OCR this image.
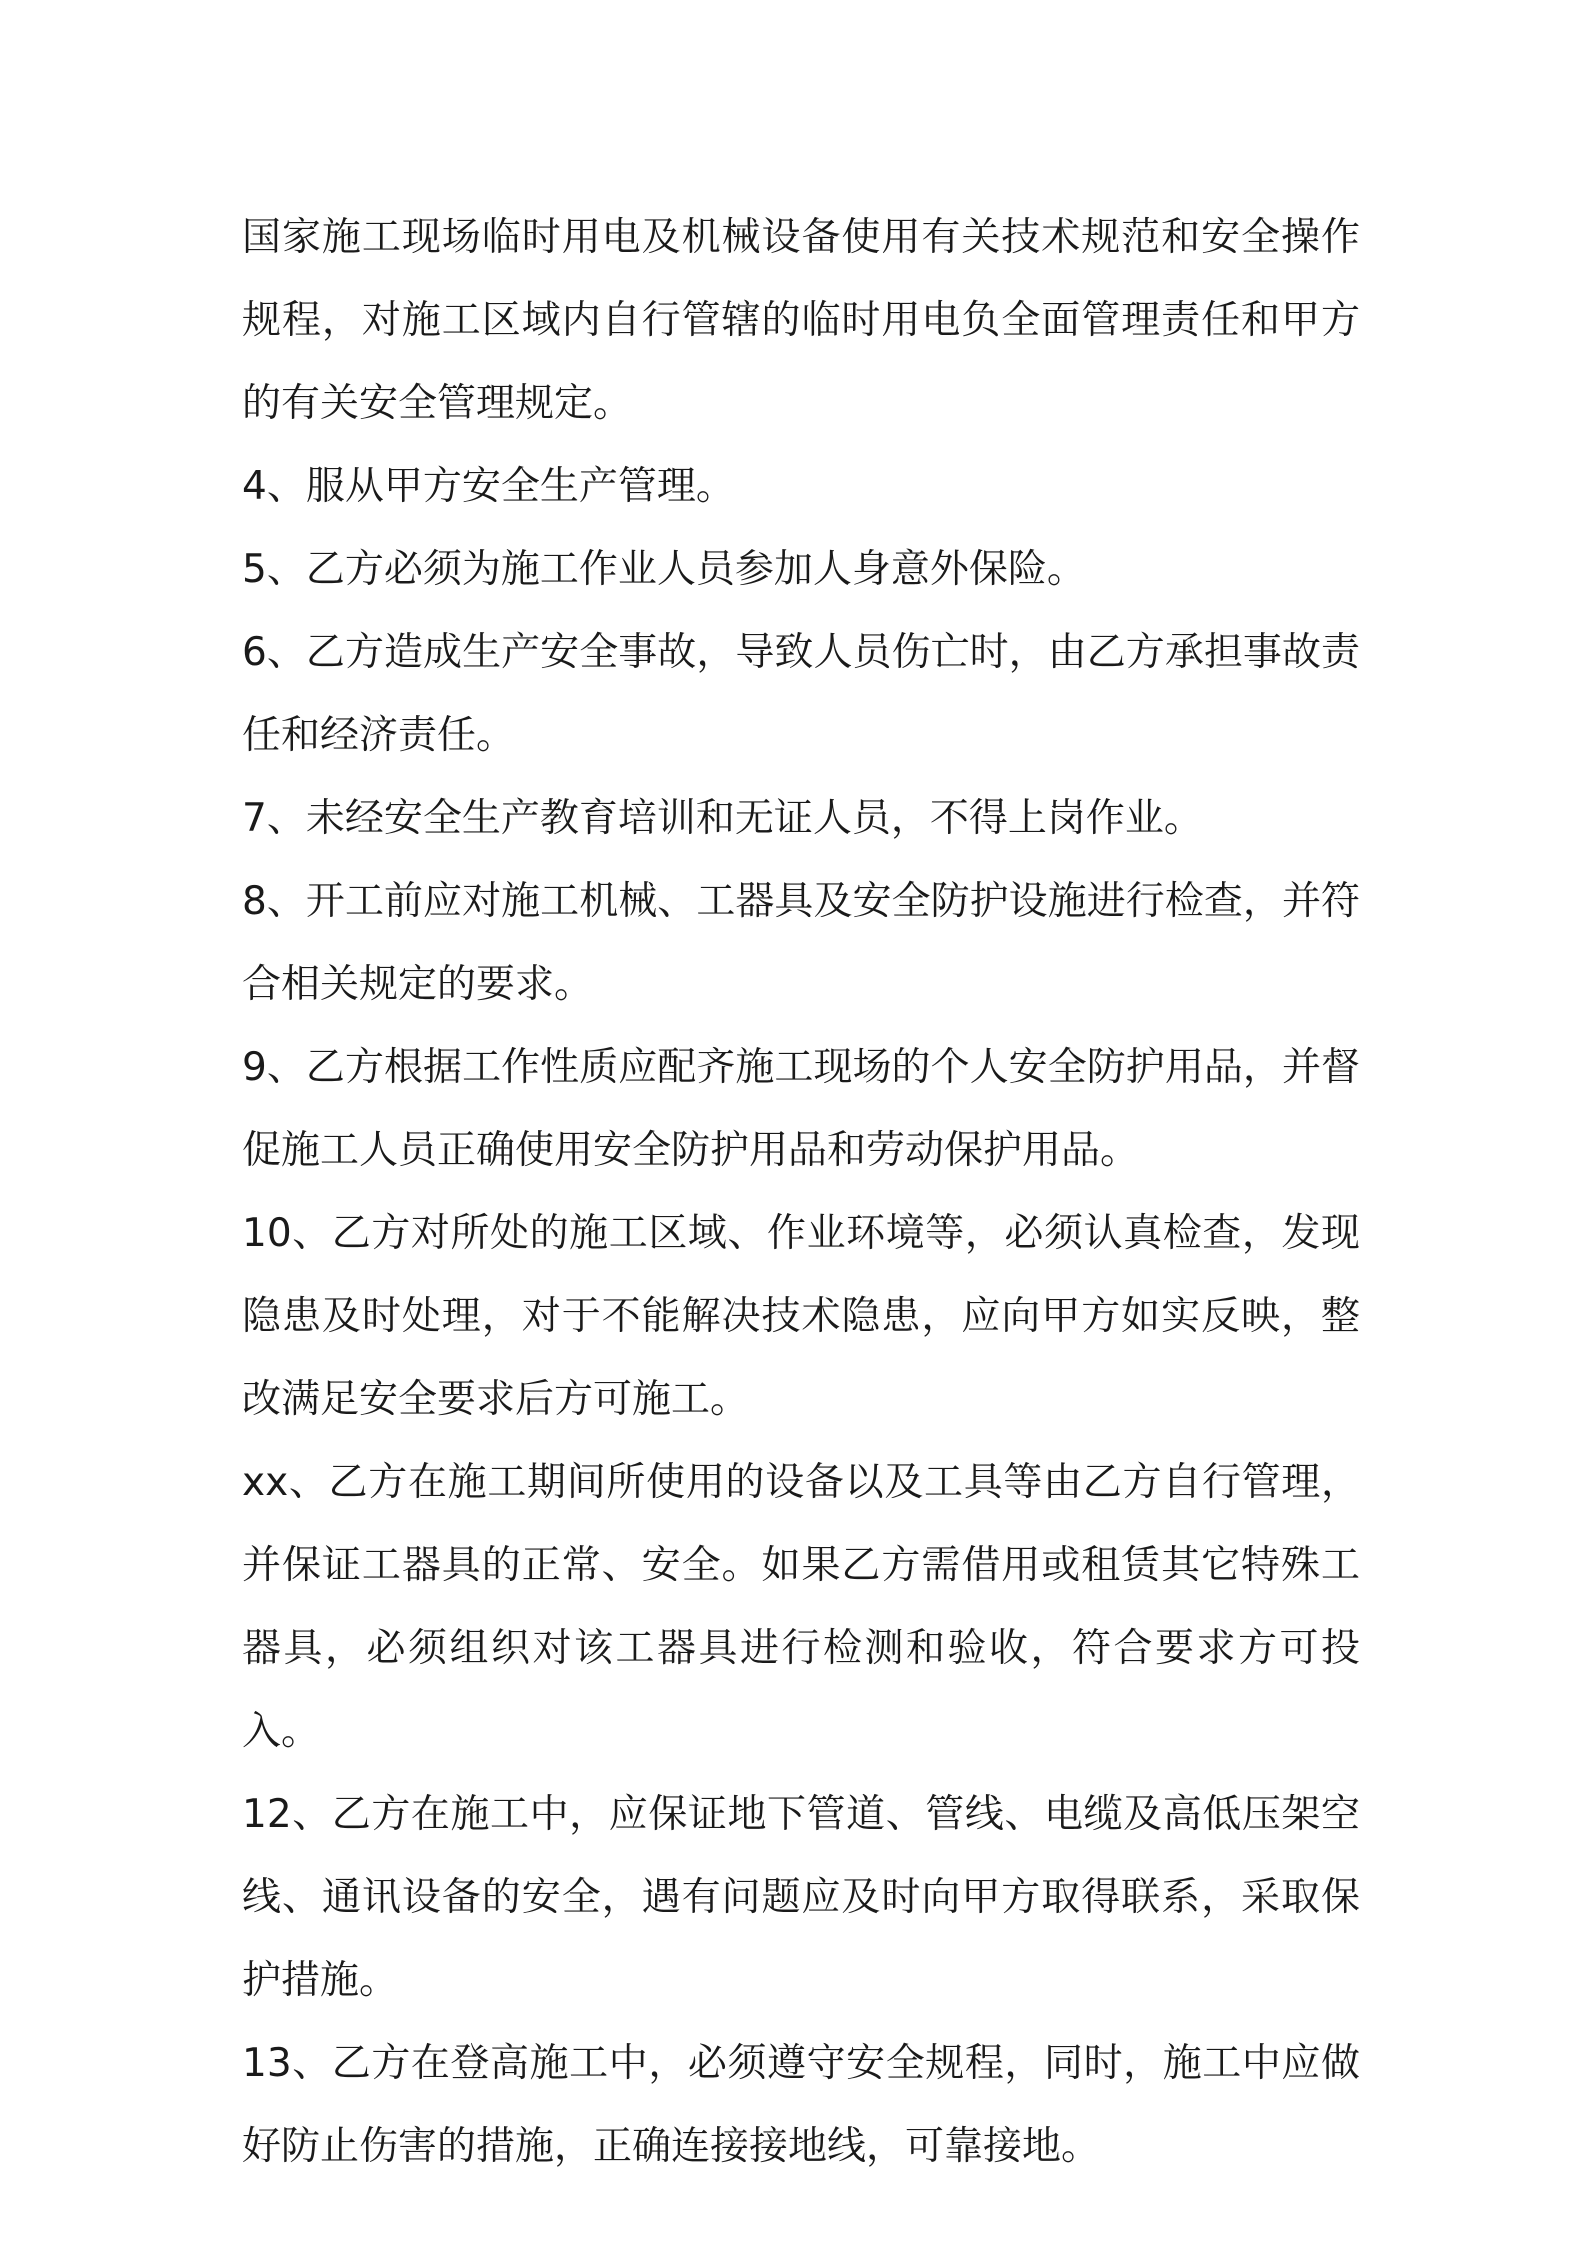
国家施工现场临时用电及机械设备使用有关技术规范和安全操作规程，对施工区域内自行管辖的临时用电负全面管理责任和甲方的有关安全管理规定。

4、服从甲方安全生产管理。

5、乙方必须为施工作业人员参加人身意外保险。

6、乙方造成生产安全事故，导致人员伤亡时，由乙方承担事故责任和经济责任。

7、未经安全生产教育培训和无证人员，不得上岗作业。

8、开工前应对施工机械、工器具及安全防护设施进行检查，并符合相关规定的要求。

9、乙方根据工作性质应配齐施工现场的个人安全防护用品，并督促施工人员正确使用安全防护用品和劳动保护用品。

10、乙方对所处的施工区域、作业环境等，必须认真检查，发现隐患及时处理，对于不能解决技术隐患，应向甲方如实反映，整改满足安全要求后方可施工。

xx、乙方在施工期间所使用的设备以及工具等由乙方自行管理，并保证工器具的正常、安全。如果乙方需借用或租赁其它特殊工器具，必须组织对该工器具进行检测和验收，符合要求方可投入。

12、乙方在施工中，应保证地下管道、管线、电缆及高低压架空线、通讯设备的安全，遇有问题应及时向甲方取得联系，采取保护措施。

13、乙方在登高施工中，必须遵守安全规程，同时，施工中应做好防止伤害的措施，正确连接接地线，可靠接地。
